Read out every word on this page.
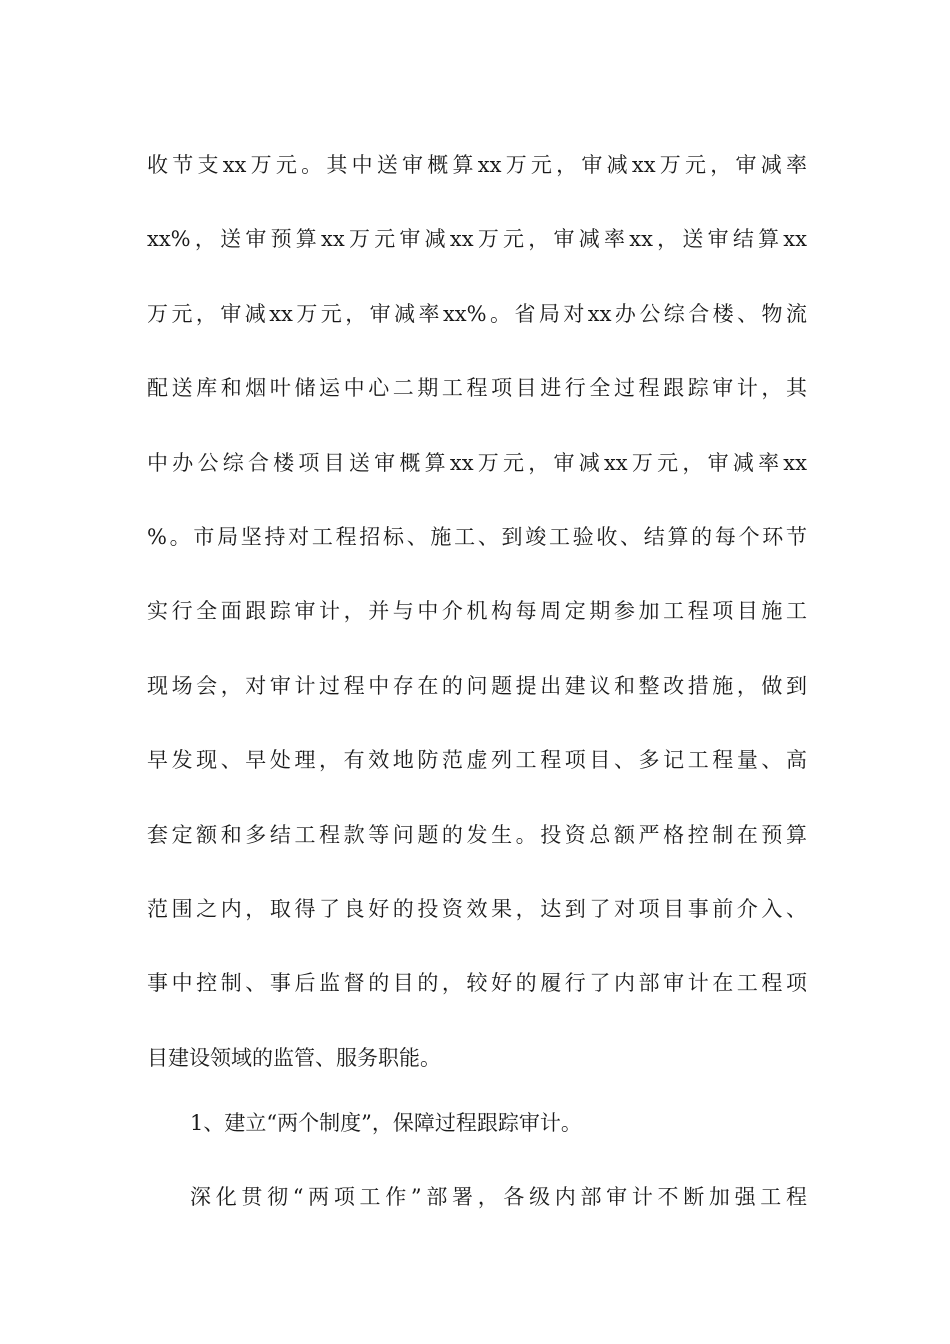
收节支xx万元。其中送审概算xx万元，审减xx万元，审减率
xx%，送审预算xx万元审减xx万元，审减率xx，送审结算xx
万元，审减xx万元，审减率xx%。省局对xx办公综合楼、物流
配送库和烟叶储运中心二期工程项目进行全过程跟踪审计，其
中办公综合楼项目送审概算xx万元，审减xx万元，审减率xx
%。市局坚持对工程招标、施工、到竣工验收、结算的每个环节
实行全面跟踪审计，并与中介机构每周定期参加工程项目施工
现场会，对审计过程中存在的问题提出建议和整改措施，做到
早发现、早处理，有效地防范虚列工程项目、多记工程量、高
套定额和多结工程款等问题的发生。投资总额严格控制在预算
范围之内，取得了良好的投资效果，达到了对项目事前介入、
事中控制、事后监督的目的，较好的履行了内部审计在工程项
目建设领域的监管、服务职能。

1、建立“两个制度”，保障过程跟踪审计。

深化贯彻“两项工作”部署，各级内部审计不断加强工程
